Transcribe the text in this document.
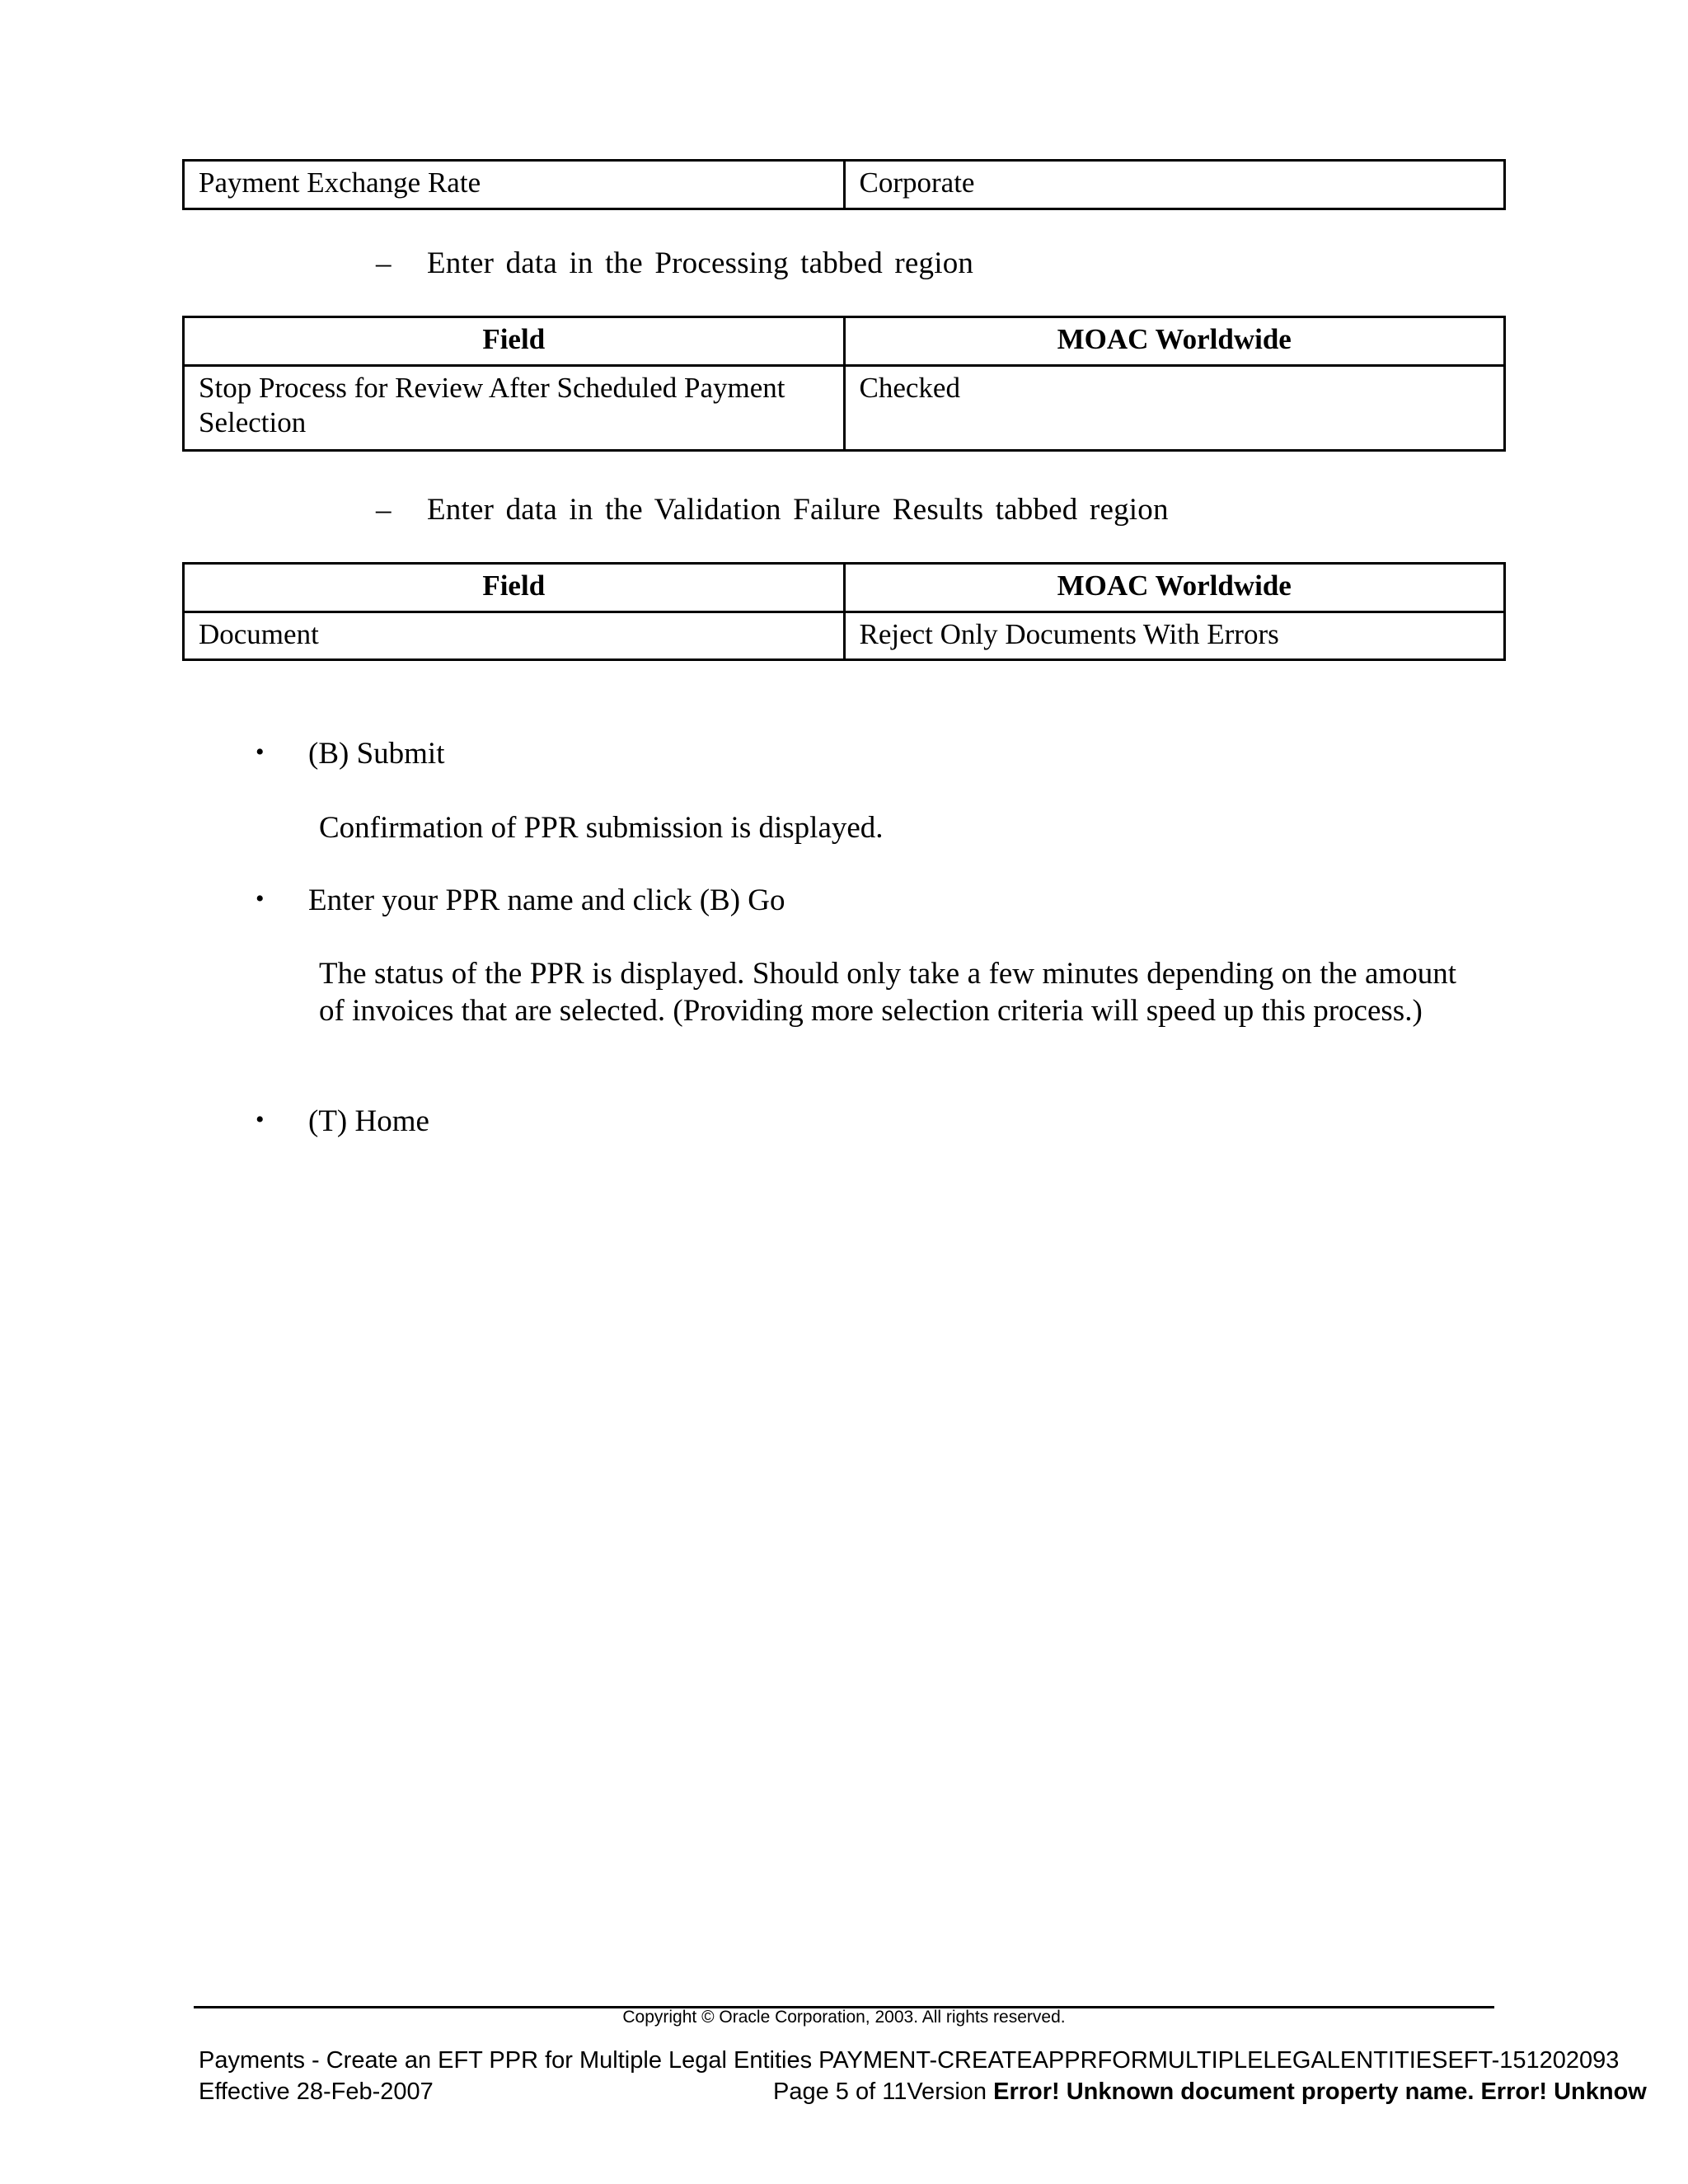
Payment Exchange Rate	Corporate
– Enter data in the Processing tabbed region
Field	MOAC Worldwide
Stop Process for Review After Scheduled Payment Selection	Checked
– Enter data in the Validation Failure Results tabbed region
Field	MOAC Worldwide
Document	Reject Only Documents With Errors
• (B) Submit
Confirmation of PPR submission is displayed.
• Enter your PPR name and click (B) Go
The status of the PPR is displayed. Should only take a few minutes depending on the amount of invoices that are selected. (Providing more selection criteria will speed up this process.)
• (T) Home
Copyright © Oracle Corporation, 2003. All rights reserved.
Payments - Create an EFT PPR for Multiple Legal Entities PAYMENT-CREATEAPPRFORMULTIPLELEGALENTITIESEFT-151202093
Effective 28-Feb-2007	Page 5 of 11Version Error! Unknown document property name. Error! Unknow
